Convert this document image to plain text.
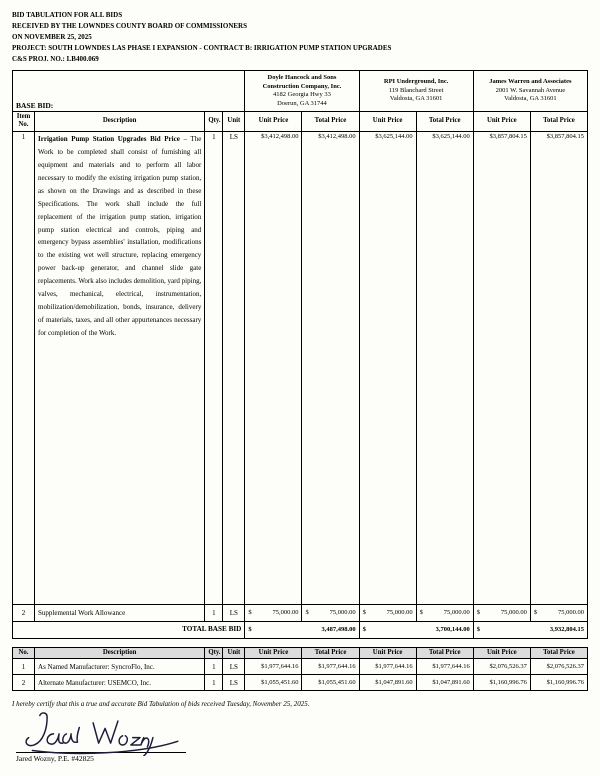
BID TABULATION FOR ALL BIDS
RECEIVED BY THE LOWNDES COUNTY BOARD OF COMMISSIONERS
ON NOVEMBER 25, 2025
PROJECT: SOUTH LOWNDES LAS PHASE I EXPANSION - CONTRACT B: IRRIGATION PUMP STATION UPGRADES
C&S PROJ. NO.: LB400.069
BASE BID:	
Doyle Hancock and Sons
Construction Company, Inc.
4182 Georgia Hwy 33
Doerun, GA 31744

RPI Underground, Inc.
119 Blanchard Street
Valdosta, GA 31601

James Warren and Associates
2001 W. Savannah Avenue
Valdosta, GA 31601

Item
No.	Description	Qty.	Unit	Unit Price	Total Price	Unit Price	Total Price	Unit Price	Total Price
1	Irrigation Pump Station Upgrades Bid Price – The Work to be completed shall consist of furnishing all equipment and materials and to perform all labor necessary to modify the existing irrigation pump station, as shown on the Drawings and as described in these Specifications. The work shall include the full replacement of the irrigation pump station, irrigation pump station electrical and controls, piping and emergency bypass assemblies' installation, modifications to the existing wet well structure, replacing emergency power back-up generator, and channel slide gate replacements. Work also includes demolition, yard piping, valves, mechanical, electrical, instrumentation, mobilization/demobilization, bonds, insurance, delivery of materials, taxes, and all other appurtenances necessary for completion of the Work.	1	LS	$3,412,498.00	$3,412,498.00	$3,625,144.00	$3,625,144.00	$3,857,804.15	$3,857,804.15
2	Supplemental Work Allowance	1	LS	$ 75,000.00	$ 75,000.00	$ 75,000.00	$ 75,000.00	$ 75,000.00	$ 75,000.00

TOTAL BASE BID				$ 3,487,498.00		$ 3,700,144.00		$ 3,932,804.15	
No.	Description	Qty.	Unit	Unit Price	Total Price	Unit Price	Total Price	Unit Price	Total Price
1	As Named Manufacturer: SyncroFlo, Inc.	1	LS	$1,977,644.16	$1,977,644.16	$1,977,644.16	$1,977,644.16	$2,076,526.37	$2,076,526.37
2	Alternate Manufacturer: USEMCO, Inc.	1	LS	$1,055,451.60	$1,055,451.60	$1,047,891.60	$1,047,891.60	$1,160,996.76	$1,160,996.76
I hereby certify that this a true and accurate Bid Tabulation of bids received Tuesday, November 25, 2025.
Jared Wozny, P.E. #42825
